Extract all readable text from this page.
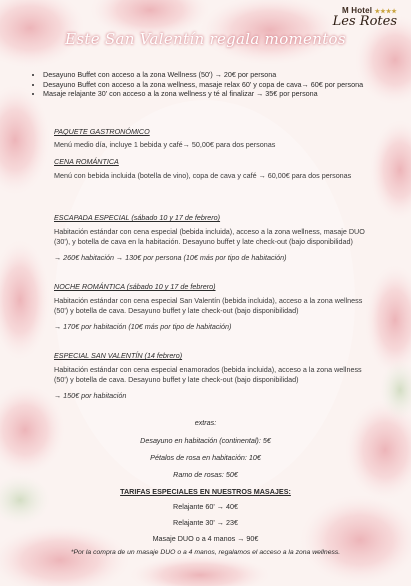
M Hotel ★★★★
Les Rotes
Este San Valentín regala momentos
• Desayuno Buffet con acceso a la zona Wellness (50') → 20€ por persona
• Desayuno Buffet con acceso a la zona wellness, masaje relax 60' y copa de cava→ 60€ por persona
• Masaje relajante 30' con acceso a la zona wellness y té al finalizar → 35€ por persona
PAQUETE GASTRONÓMICO
Menú medio día, incluye 1 bebida y café→ 50,00€ para dos personas
CENA ROMÁNTICA
Menú con bebida incluida (botella de vino), copa de cava y café → 60,00€ para dos personas
ESCAPADA ESPECIAL (sábado 10 y 17 de febrero)
Habitación estándar con cena especial (bebida incluida), acceso a la zona wellness, masaje DUO (30'), y botella de cava en la habitación. Desayuno buffet y late check-out (bajo disponibilidad)
→ 260€ habitación → 130€ por persona (10€ más por tipo de habitación)
NOCHE ROMÁNTICA (sábado 10 y 17 de febrero)
Habitación estándar con cena especial San Valentín (bebida incluida), acceso a la zona wellness (50') y botella de cava. Desayuno buffet y late check-out (bajo disponibilidad)
→ 170€ por habitación (10€ más por tipo de habitación)
ESPECIAL SAN VALENTÍN (14 febrero)
Habitación estándar con cena especial enamorados (bebida incluida), acceso a la zona wellness (50') y botella de cava. Desayuno buffet y late check-out (bajo disponibilidad)
→ 150€ por habitación
extras:
Desayuno en habitación (continental): 5€
Pétalos de rosa en habitación: 10€
Ramo de rosas: 50€
TARIFAS ESPECIALES EN NUESTROS MASAJES:
Relajante 60' → 40€
Relajante 30' → 23€
Masaje DUO o a 4 manos → 90€
*Por la compra de un masaje DUO o a 4 manos, regalamos el acceso a la zona wellness.
